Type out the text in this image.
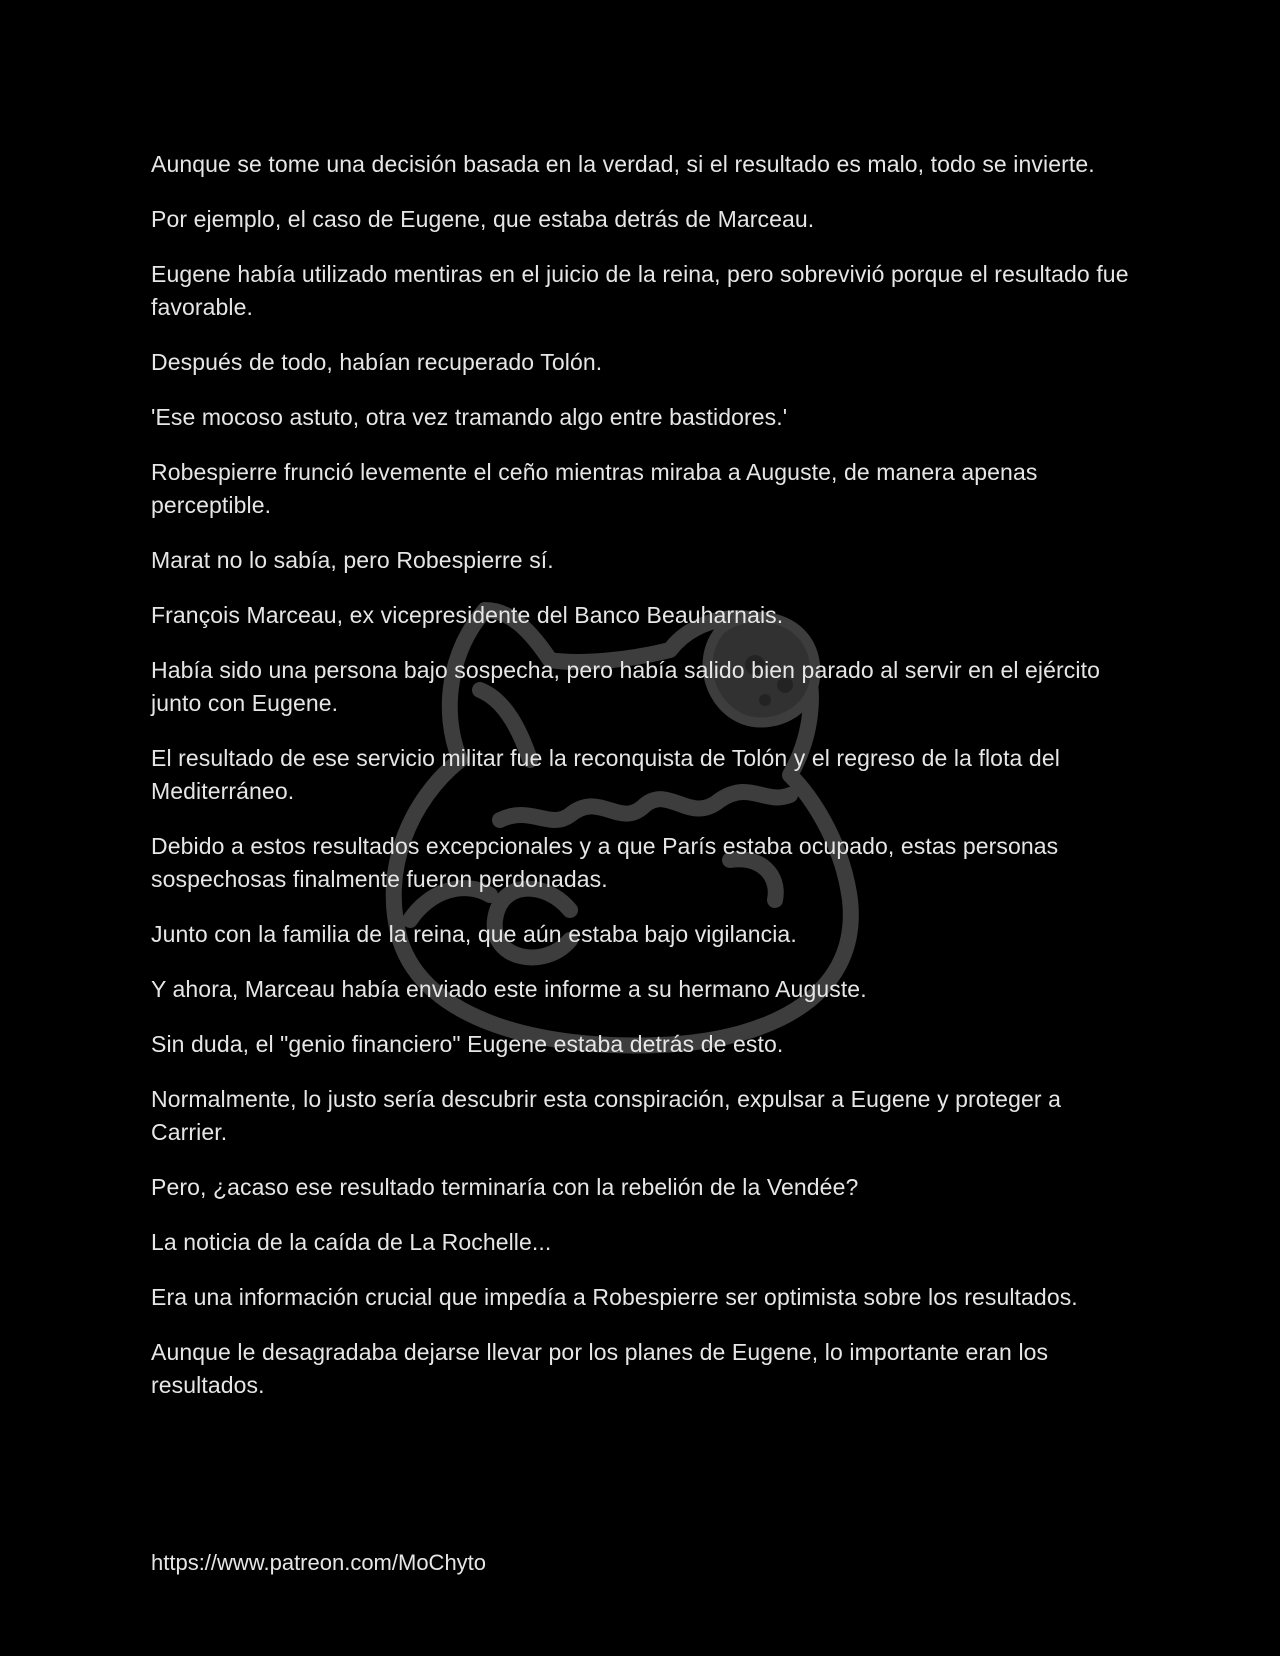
Aunque se tome una decisión basada en la verdad, si el resultado es malo, todo se invierte.

Por ejemplo, el caso de Eugene, que estaba detrás de Marceau.

Eugene había utilizado mentiras en el juicio de la reina, pero sobrevivió porque el resultado fue favorable.

Después de todo, habían recuperado Tolón.

'Ese mocoso astuto, otra vez tramando algo entre bastidores.'

Robespierre frunció levemente el ceño mientras miraba a Auguste, de manera apenas perceptible.

Marat no lo sabía, pero Robespierre sí.

François Marceau, ex vicepresidente del Banco Beauharnais.

Había sido una persona bajo sospecha, pero había salido bien parado al servir en el ejército junto con Eugene.

El resultado de ese servicio militar fue la reconquista de Tolón y el regreso de la flota del Mediterráneo.

Debido a estos resultados excepcionales y a que París estaba ocupado, estas personas sospechosas finalmente fueron perdonadas.

Junto con la familia de la reina, que aún estaba bajo vigilancia.

Y ahora, Marceau había enviado este informe a su hermano Auguste.

Sin duda, el "genio financiero" Eugene estaba detrás de esto.

Normalmente, lo justo sería descubrir esta conspiración, expulsar a Eugene y proteger a Carrier.

Pero, ¿acaso ese resultado terminaría con la rebelión de la Vendée?

La noticia de la caída de La Rochelle...

Era una información crucial que impedía a Robespierre ser optimista sobre los resultados.

Aunque le desagradaba dejarse llevar por los planes de Eugene, lo importante eran los resultados.

https://www.patreon.com/MoChyto
